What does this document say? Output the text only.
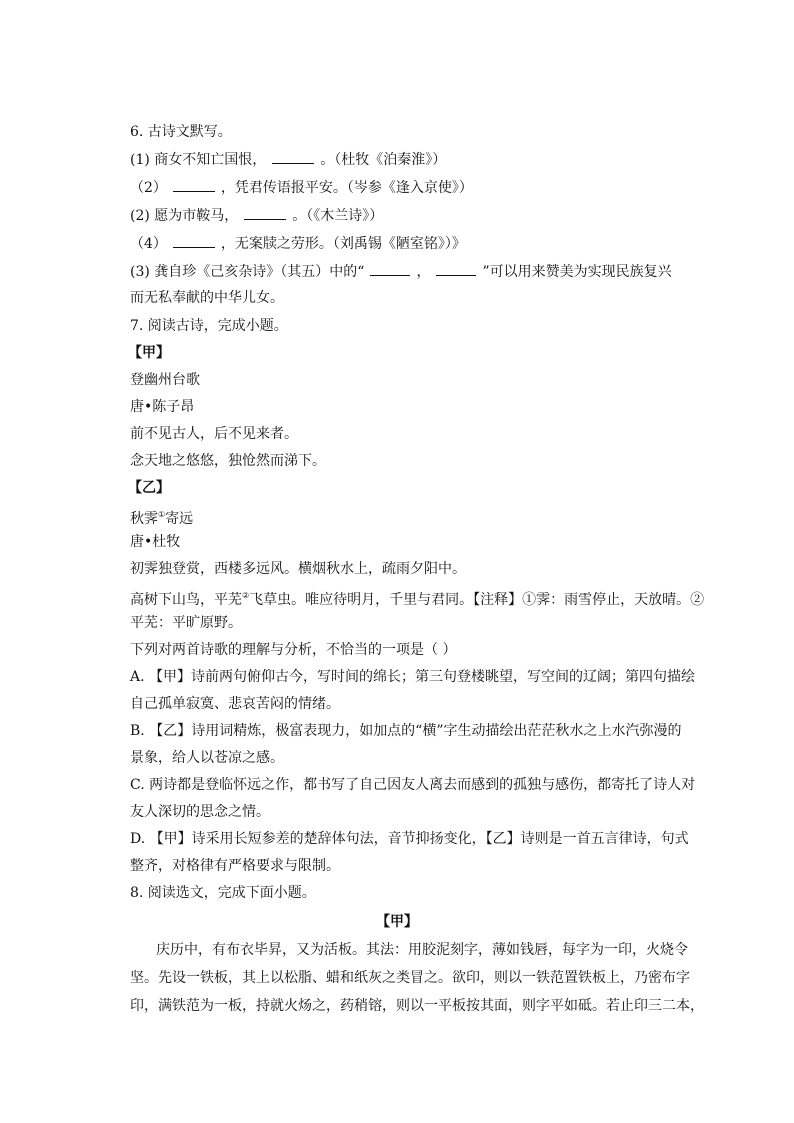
6. 古诗文默写。
(1) 商女不知亡国恨，	。（杜牧《泊秦淮》）
（2）	，凭君传语报平安。（岑参《逢入京使》）
(2) 愿为市鞍马，	。（《木兰诗》）
（4）	，无案牍之劳形。（刘禹锡《陋室铭》）》
(3) 龚自珍《己亥杂诗》（其五）中的“	，	”可以用来赞美为实现民族复兴
而无私奉献的中华儿女。
7. 阅读古诗，完成小题。
【甲】
登幽州台歌
唐•陈子昂
前不见古人，后不见来者。
念天地之悠悠，独怆然而涕下。
【乙】
秋霁①寄远
唐•杜牧
初霁独登赏，西楼多远风。横烟秋水上，疏雨夕阳中。
高树下山鸟，平芜②飞草虫。唯应待明月，千里与君同。【注释】①霁：雨雪停止，天放晴。②
平芜：平旷原野。
下列对两首诗歌的理解与分析，不恰当的一项是（ ）
A. 【甲】诗前两句俯仰古今，写时间的绵长；第三句登楼眺望，写空间的辽阔；第四句描绘
自己孤单寂寞、悲哀苦闷的情绪。
B. 【乙】诗用词精炼，极富表现力，如加点的“横”字生动描绘出茫茫秋水之上水汽弥漫的
景象，给人以苍凉之感。
C. 两诗都是登临怀远之作，都书写了自己因友人离去而感到的孤独与感伤，都寄托了诗人对
友人深切的思念之情。
D. 【甲】诗采用长短参差的楚辞体句法，音节抑扬变化，【乙】诗则是一首五言律诗，句式
整齐，对格律有严格要求与限制。
8. 阅读选文，完成下面小题。
【甲】
庆历中，有布衣毕昇，又为活板。其法：用胶泥刻字，薄如钱唇，每字为一印，火烧令
坚。先设一铁板，其上以松脂、蜡和纸灰之类冒之。欲印，则以一铁范置铁板上，乃密布字
印，满铁范为一板，持就火炀之，药稍镕，则以一平板按其面，则字平如砥。若止印三二本，
